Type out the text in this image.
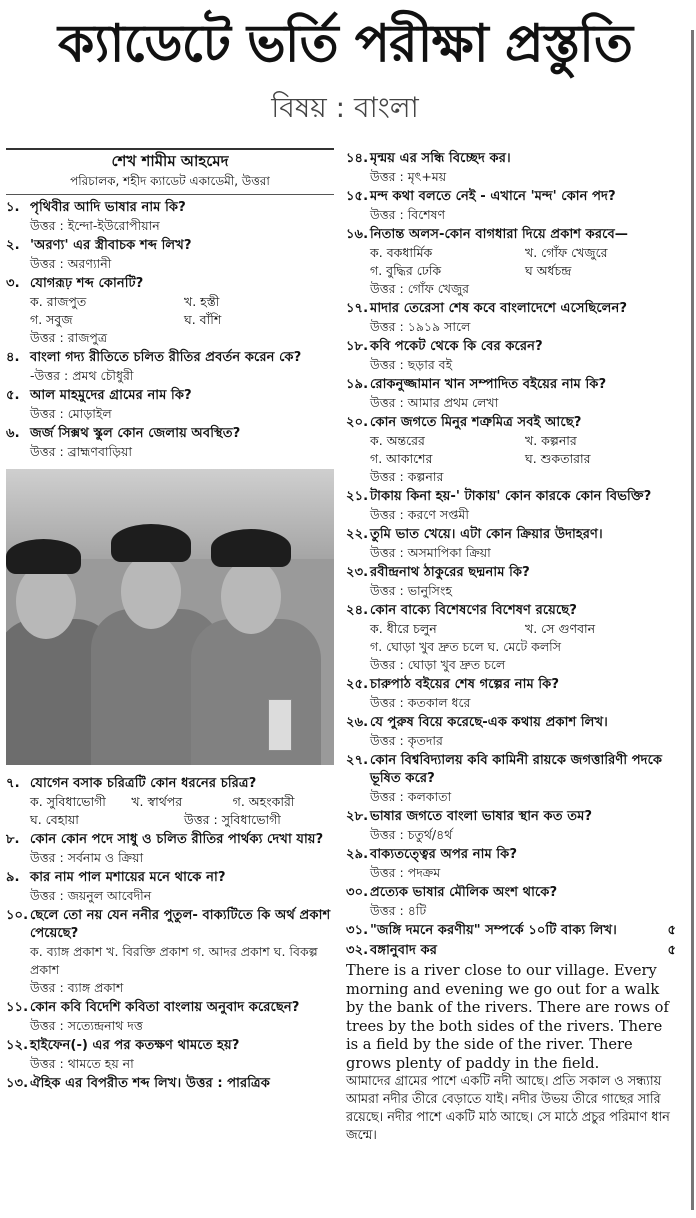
ক্যাডেটে ভর্তি পরীক্ষা প্রস্তুতি
বিষয় : বাংলা
শেখ শামীম আহমেদ
পরিচালক, শহীদ ক্যাডেট একাডেমী, উত্তরা
১. পৃথিবীর আদি ভাষার নাম কি?
উত্তর : ইন্দো-ইউরোপীয়ান
২. 'অরণ্য' এর স্ত্রীবাচক শব্দ লিখ?
উত্তর : অরণ্যানী
৩. যোগরূঢ় শব্দ কোনটি?
ক. রাজপুত	খ. হস্তী
গ. সবুজ	ঘ. বাঁশি
উত্তর : রাজপুত্র
৪. বাংলা গদ্য রীতিতে চলিত রীতির প্রবর্তন করেন কে?
-উত্তর : প্রমথ চৌধুরী
৫. আল মাহমুদের গ্রামের নাম কি?
উত্তর : মোড়াইল
৬. জর্জ সিক্সথ স্কুল কোন জেলায় অবস্থিত?
উত্তর : ব্রাহ্মণবাড়িয়া
৭. যোগেন বসাক চরিত্রটি কোন ধরনের চরিত্র?
ক. সুবিধাভোগী	খ. স্বার্থপর	গ. অহংকারী
ঘ. বেহায়া	উত্তর : সুবিধাভোগী
৮. কোন কোন পদে সাধু ও চলিত রীতির পার্থক্য দেখা যায়?
উত্তর : সর্বনাম ও ক্রিয়া
৯. কার নাম পাল মশায়ের মনে থাকে না?
উত্তর : জয়নুল আবেদীন
১০. ছেলে তো নয় যেন ননীর পুতুল- বাক্যটিতে কি অর্থ প্রকাশ পেয়েছে?
ক. ব্যাঙ্গ প্রকাশ খ. বিরক্তি প্রকাশ গ. আদর প্রকাশ ঘ. বিকল্প প্রকাশ
উত্তর : ব্যাঙ্গ প্রকাশ
১১. কোন কবি বিদেশি কবিতা বাংলায় অনুবাদ করেছেন?
উত্তর : সত্যেন্দ্রনাথ দত্ত
১২. হাইফেন(-) এর পর কতক্ষণ থামতে হয়?
উত্তর : থামতে হয় না
১৩. ঐহিক এর বিপরীত শব্দ লিখ। উত্তর : পারত্রিক
১৪. মৃন্ময় এর সন্ধি বিচ্ছেদ কর।
উত্তর : মৃৎ+ময়
১৫. মন্দ কথা বলতে নেই - এখানে 'মন্দ' কোন পদ?
উত্তর : বিশেষণ
১৬. নিতান্ত অলস-কোন বাগধারা দিয়ে প্রকাশ করবে—
ক. বকধার্মিক	খ. গোঁফ খেজুরে
গ. বুদ্ধির ঢেকি	ঘ অর্ধচন্দ্র
উত্তর : গোঁফ খেজুর
১৭. মাদার তেরেসা শেষ কবে বাংলাদেশে এসেছিলেন?
উত্তর : ১৯১৯ সালে
১৮. কবি পকেট থেকে কি বের করেন?
উত্তর : ছড়ার বই
১৯. রোকনুজ্জামান খান সম্পাদিত বইয়ের নাম কি?
উত্তর : আমার প্রথম লেখা
২০. কোন জগতে মিনুর শত্রুমিত্র সবই আছে?
ক. অন্তরের	খ. কল্পনার
গ. আকাশের	ঘ. শুকতারার
উত্তর : কল্পনার
২১. টাকায় কিনা হয়-' টাকায়' কোন কারকে কোন বিভক্তি?
উত্তর : করণে সপ্তমী
২২. তুমি ভাত খেয়ে। এটা কোন ক্রিয়ার উদাহরণ।
উত্তর : অসমাপিকা ক্রিয়া
২৩. রবীন্দ্রনাথ ঠাকুরের ছদ্মনাম কি?
উত্তর : ভানুসিংহ
২৪. কোন বাক্যে বিশেষণের বিশেষণ রয়েছে?
ক. ধীরে চলুন	খ. সে গুণবান
গ. ঘোড়া খুব দ্রুত চলে ঘ. মেটে কলসি
উত্তর : ঘোড়া খুব দ্রুত চলে
২৫. চারুপাঠ বইয়ের শেষ গল্পের নাম কি?
উত্তর : কতকাল ধরে
২৬. যে পুরুষ বিয়ে করেছে-এক কথায় প্রকাশ লিখ।
উত্তর : কৃতদার
২৭. কোন বিশ্ববিদ্যালয় কবি কামিনী রায়কে জগত্তারিণী পদকে ভূষিত করে?
উত্তর : কলকাতা
২৮. ভাষার জগতে বাংলা ভাষার স্থান কত তম?
উত্তর : চতুর্থ/৪র্থ
২৯. বাক্যতত্ত্বের অপর নাম কি?
উত্তর : পদক্রম
৩০. প্রত্যেক ভাষার মৌলিক অংশ থাকে?
উত্তর : ৪টি
৩১. "জঙ্গি দমনে করণীয়" সম্পর্কে ১০টি বাক্য লিখ।	৫
৩২. বঙ্গানুবাদ কর	৫
There is a river close to our village. Every morning and evening we go out for a walk by the bank of the rivers. There are rows of trees by the both sides of the rivers. There is a field by the side of the river. There grows plenty of paddy in the field.
আমাদের গ্রামের পাশে একটি নদী আছে। প্রতি সকাল ও সন্ধ্যায় আমরা নদীর তীরে বেড়াতে যাই। নদীর উভয় তীরে গাছের সারি রয়েছে। নদীর পাশে একটি মাঠ আছে। সে মাঠে প্রচুর পরিমাণ ধান জন্মে।
